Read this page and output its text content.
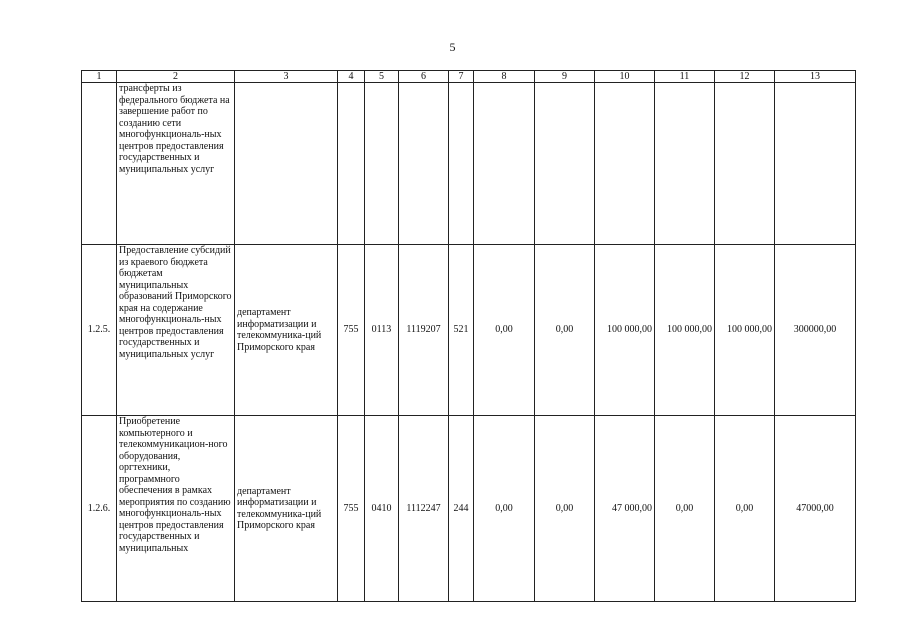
5
1	2	3	4	5	6	7	8	9	10	11	12	13
	трансферты из федерального бюджета на завершение работ по созданию сети многофункциональ-ных центров предоставления государственных и муниципальных услуг											
1.2.5.	Предоставление субсидий из краевого бюджета бюджетам муниципальных образований Приморского края на содержание многофункциональ-ных центров предоставления государственных и муниципальных услуг	департамент информатизации и телекоммуника-ций Приморского края	755	0113	1119207	521	0,00	0,00	100 000,00	100 000,00	100 000,00	300000,00
1.2.6.	Приобретение компьютерного и телекоммуникацион-ного оборудования, оргтехники, программного обеспечения в рамках мероприятия по созданию многофункциональ-ных центров предоставления государственных и муниципальных	департамент информатизации и телекоммуника-ций Приморского края	755	0410	1112247	244	0,00	0,00	47 000,00	0,00	0,00	47000,00
